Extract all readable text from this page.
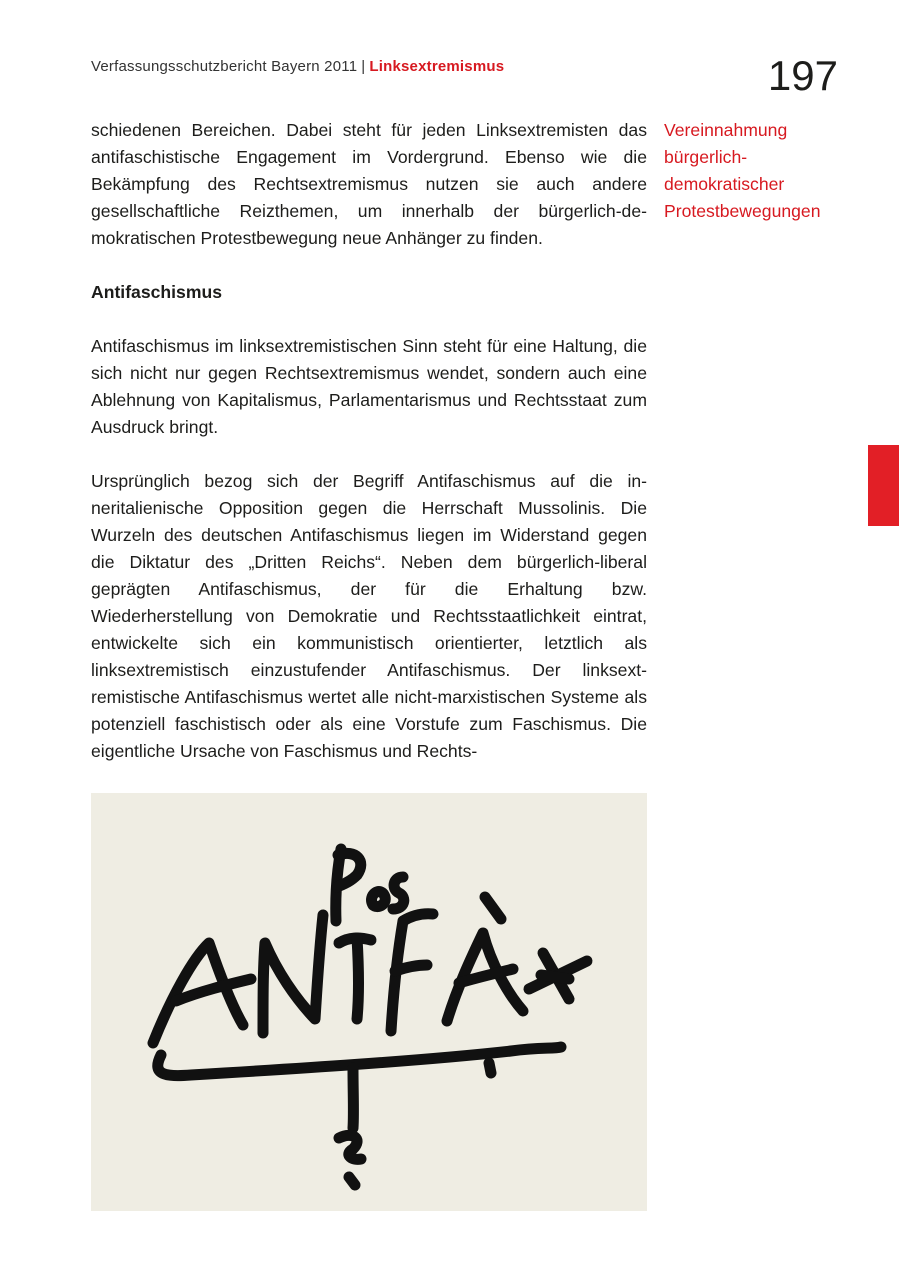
Verfassungsschutzbericht Bayern 2011 | Linksextremismus	197

schiedenen Bereichen. Dabei steht für jeden Linksextremisten das antifaschistische Engagement im Vordergrund. Ebenso wie die Bekämpfung des Rechtsextremismus nutzen sie auch andere gesellschaftliche Reizthemen, um innerhalb der bürgerlich-demokratischen Protestbewegung neue Anhänger zu finden.

Antifaschismus

Antifaschismus im linksextremistischen Sinn steht für eine Haltung, die sich nicht nur gegen Rechtsextremismus wendet, sondern auch eine Ablehnung von Kapitalismus, Parlamentarismus und Rechtsstaat zum Ausdruck bringt.

Ursprünglich bezog sich der Begriff Antifaschismus auf die inneritalienische Opposition gegen die Herrschaft Mussolinis. Die Wurzeln des deutschen Antifaschismus liegen im Widerstand gegen die Diktatur des „Dritten Reichs“. Neben dem bürgerlich-liberal geprägten Antifaschismus, der für die Erhaltung bzw. Wiederherstellung von Demokratie und Rechtsstaatlichkeit eintrat, entwickelte sich ein kommunistisch orientierter, letztlich als linksextremistisch einzustufender Antifaschismus. Der linksextremistische Antifaschismus wertet alle nicht-marxistischen Systeme als potenziell faschistisch oder als eine Vorstufe zum Faschismus. Die eigentliche Ursache von Faschismus und Rechts-

Vereinnahmung
bürgerlich-
demokratischer
Protestbewegungen
